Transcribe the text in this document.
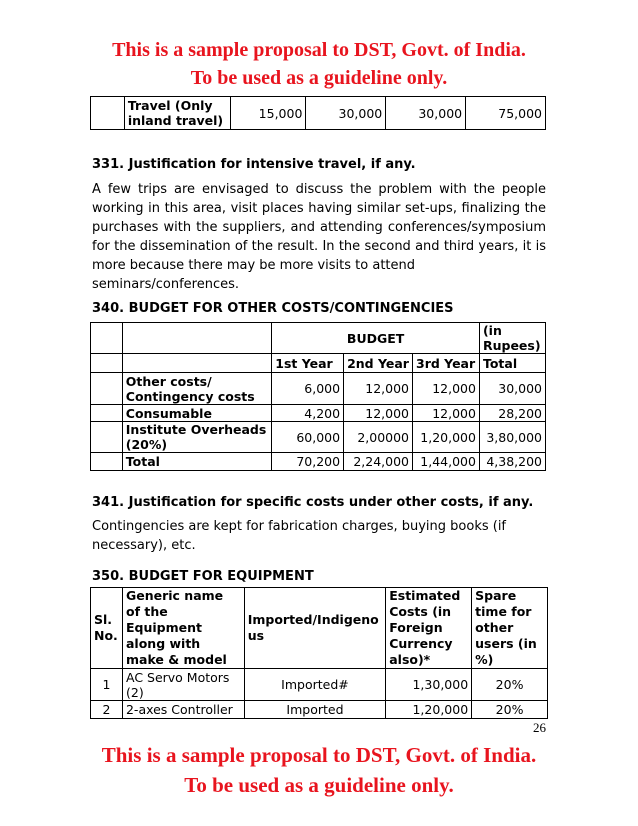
This is a sample proposal to DST, Govt. of India.
To be used as a guideline only.
	Travel (Only inland travel)	15,000	30,000	30,000	75,000
331. Justification for intensive travel, if any.
A few trips are envisaged to discuss the problem with the people working in this area, visit places having similar set-ups, finalizing the purchases with the suppliers, and attending conferences/symposium for the dissemination of the result. In the second and third years, it is more because there may be more visits to attend
seminars/conferences.
340. BUDGET FOR OTHER COSTS/CONTINGENCIES
		BUDGET			(in Rupees)
		1st Year	2nd Year	3rd Year	Total
	Other costs/ Contingency costs	6,000	12,000	12,000	30,000
	Consumable	4,200	12,000	12,000	28,200
	Institute Overheads (20%)	60,000	2,00000	1,20,000	3,80,000
	Total	70,200	2,24,000	1,44,000	4,38,200
341. Justification for specific costs under other costs, if any.
Contingencies are kept for fabrication charges, buying books (if
necessary), etc.
350. BUDGET FOR EQUIPMENT
Sl. No.	Generic name of the Equipment along with make & model	Imported/Indigenous	Estimated Costs (in Foreign Currency also)*	Spare time for other users (in %)
1	AC Servo Motors (2)	Imported#	1,30,000	20%
2	2-axes Controller	Imported	1,20,000	20%
26
This is a sample proposal to DST, Govt. of India.
To be used as a guideline only.
